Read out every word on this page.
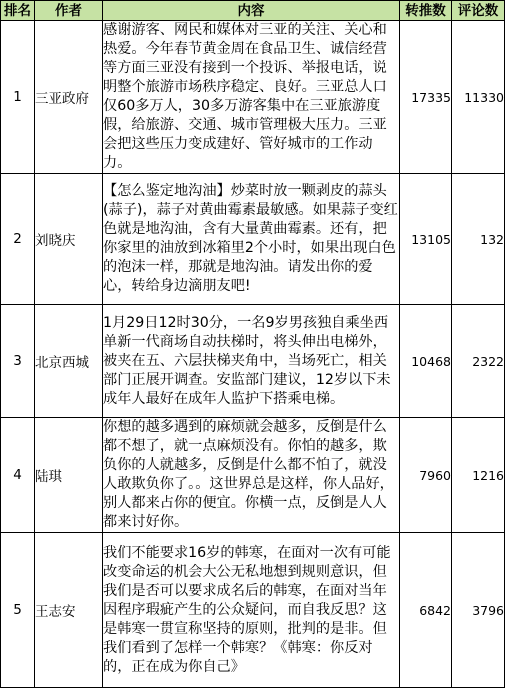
排名	作者	内容	转推数	评论数
1	三亚政府	感谢游客、网民和媒体对三亚的关注、关心和热爱。今年春节黄金周在食品卫生、诚信经营等方面三亚没有接到一个投诉、举报电话，说明整个旅游市场秩序稳定、良好。三亚总人口仅60多万人，30多万游客集中在三亚旅游度假，给旅游、交通、城市管理极大压力。三亚会把这些压力变成建好、管好城市的工作动力。	17335	11330
2	刘晓庆	【怎么鉴定地沟油】炒菜时放一颗剥皮的蒜头(蒜子)，蒜子对黄曲霉素最敏感。如果蒜子变红色就是地沟油，含有大量黄曲霉素。还有，把你家里的油放到冰箱里2个小时，如果出现白色的泡沫一样，那就是地沟油。请发出你的爱心，转给身边滴朋友吧!	13105	132
3	北京西城	1月29日12时30分，一名9岁男孩独自乘坐西单新一代商场自动扶梯时，将头伸出电梯外，被夹在五、六层扶梯夹角中，当场死亡，相关部门正展开调查。安监部门建议，12岁以下未成年人最好在成年人监护下搭乘电梯。	10468	2322
4	陆琪	你想的越多遇到的麻烦就会越多，反倒是什么都不想了，就一点麻烦没有。你怕的越多，欺负你的人就越多，反倒是什么都不怕了，就没人敢欺负你了。。这世界总是这样，你人品好，别人都来占你的便宜。你横一点，反倒是人人都来讨好你。	7960	1216
5	王志安	我们不能要求16岁的韩寒，在面对一次有可能改变命运的机会大公无私地想到规则意识，但我们是否可以要求成名后的韩寒，在面对当年因程序瑕疵产生的公众疑问，而自我反思？这是韩寒一贯宣称坚持的原则，批判的是非。但我们看到了怎样一个韩寒？《韩寒：你反对的，正在成为你自己》	6842	3796
